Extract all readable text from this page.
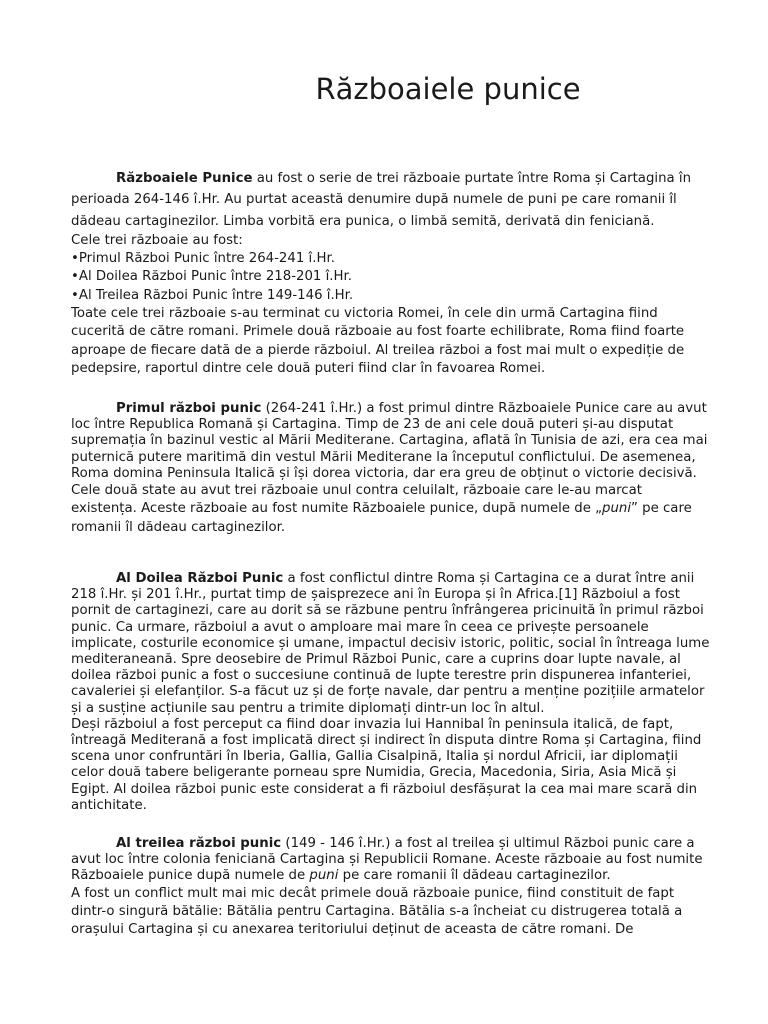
Războaiele punice

Războaiele Punice au fost o serie de trei războaie purtate între Roma și Cartagina în perioada 264-146 î.Hr. Au purtat această denumire după numele de puni pe care romanii îl dădeau cartaginezilor. Limba vorbită era punica, o limbă semită, derivată din feniciană.

Cele trei războaie au fost:

•Primul Război Punic între 264-241 î.Hr.

•Al Doilea Război Punic între 218-201 î.Hr.

•Al Treilea Război Punic între 149-146 î.Hr.

Toate cele trei războaie s-au terminat cu victoria Romei, în cele din urmă Cartagina fiind cucerită de către romani. Primele două războaie au fost foarte echilibrate, Roma fiind foarte aproape de fiecare dată de a pierde războiul. Al treilea război a fost mai mult o expediție de pedepsire, raportul dintre cele două puteri fiind clar în favoarea Romei.

Primul război punic (264-241 î.Hr.) a fost primul dintre Războaiele Punice care au avut loc între Republica Romană și Cartagina. Timp de 23 de ani cele două puteri și-au disputat supremația în bazinul vestic al Mării Mediterane. Cartagina, aflată în Tunisia de azi, era cea mai puternică putere maritimă din vestul Mării Mediterane la începutul conflictului. De asemenea, Roma domina Peninsula Italică și își dorea victoria, dar era greu de obținut o victorie decisivă.

Cele două state au avut trei războaie unul contra celuilalt, războaie care le-au marcat existența. Aceste războaie au fost numite Războaiele punice, după numele de „puni” pe care romanii îl dădeau cartaginezilor.

Al Doilea Război Punic a fost conflictul dintre Roma și Cartagina ce a durat între anii 218 î.Hr. și 201 î.Hr., purtat timp de șaisprezece ani în Europa și în Africa.[1] Războiul a fost pornit de cartaginezi, care au dorit să se răzbune pentru înfrângerea pricinuită în primul război punic. Ca urmare, războiul a avut o amploare mai mare în ceea ce privește persoanele implicate, costurile economice și umane, impactul decisiv istoric, politic, social în întreaga lume mediteraneană. Spre deosebire de Primul Război Punic, care a cuprins doar lupte navale, al doilea război punic a fost o succesiune continuă de lupte terestre prin dispunerea infanteriei, cavaleriei și elefanților. S-a făcut uz și de forțe navale, dar pentru a menține pozițiile armatelor și a susține acțiunile sau pentru a trimite diplomați dintr-un loc în altul.

Deși războiul a fost perceput ca fiind doar invazia lui Hannibal în peninsula italică, de fapt, întreagă Mediterană a fost implicată direct și indirect în disputa dintre Roma și Cartagina, fiind scena unor confruntări în Iberia, Gallia, Gallia Cisalpină, Italia și nordul Africii, iar diplomații celor două tabere beligerante porneau spre Numidia, Grecia, Macedonia, Siria, Asia Mică și Egipt. Al doilea război punic este considerat a fi războiul desfășurat la cea mai mare scară din antichitate.

Al treilea război punic (149 - 146 î.Hr.) a fost al treilea și ultimul Război punic care a avut loc între colonia feniciană Cartagina și Republicii Romane. Aceste războaie au fost numite Războaiele punice după numele de puni pe care romanii îl dădeau cartaginezilor.

A fost un conflict mult mai mic decât primele două războaie punice, fiind constituit de fapt dintr-o singură bătălie: Bătălia pentru Cartagina. Bătălia s-a încheiat cu distrugerea totală a orașului Cartagina și cu anexarea teritoriului deținut de aceasta de către romani. De
